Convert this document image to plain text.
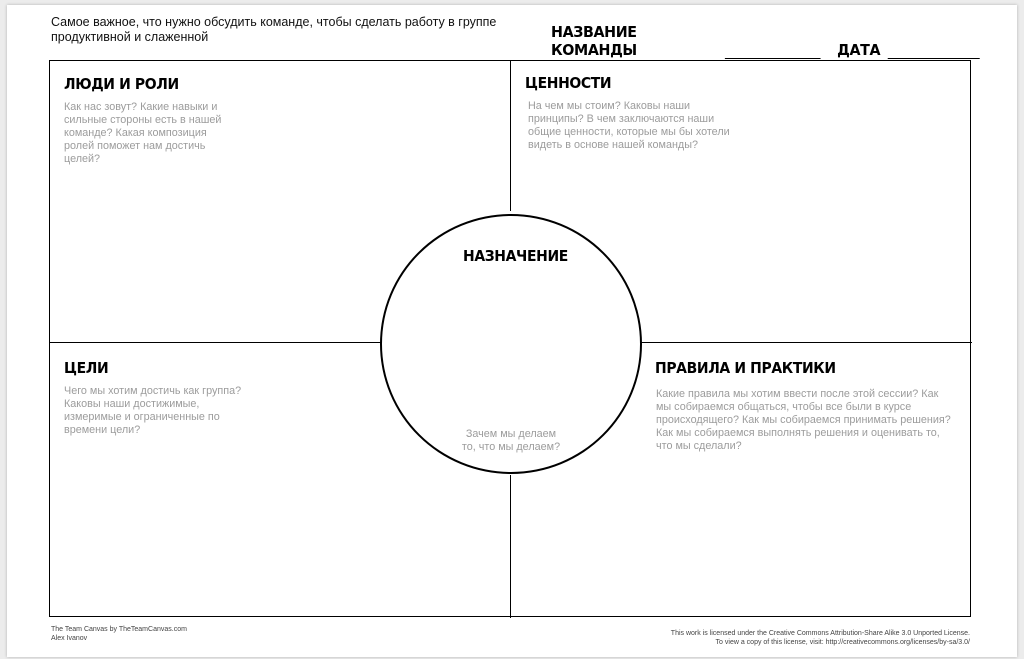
Самое важное, что нужно обсудить команде, чтобы сделать работу в группе
продуктивной и слаженной	НАЗВАНИЕ КОМАНДЫ	ДАТА
ЛЮДИ И РОЛИ
Как нас зовут? Какие навыки и
сильные стороны есть в нашей
команде? Какая композиция
ролей поможет нам достичь
целей?
ЦЕННОСТИ
На чем мы стоим? Каковы наши
принципы? В чем заключаются наши
общие ценности, которые мы бы хотели
видеть в основе нашей команды?
ЦЕЛИ
Чего мы хотим достичь как группа?
Каковы наши достижимые,
измеримые и ограниченные по
времени цели?
ПРАВИЛА И ПРАКТИКИ
Какие правила мы хотим ввести после этой сессии? Как
мы собираемся общаться, чтобы все были в курсе
происходящего? Как мы собираемся принимать решения?
Как мы собираемся выполнять решения и оценивать то,
что мы сделали?
НАЗНАЧЕНИЕ
Зачем мы делаем
то, что мы делаем?
The Team Canvas by TheTeamCanvas.com
Alex Ivanov
This work is licensed under the Creative Commons Attribution-Share Alike 3.0 Unported License.
To view a copy of this license, visit: http://creativecommons.org/licenses/by-sa/3.0/
